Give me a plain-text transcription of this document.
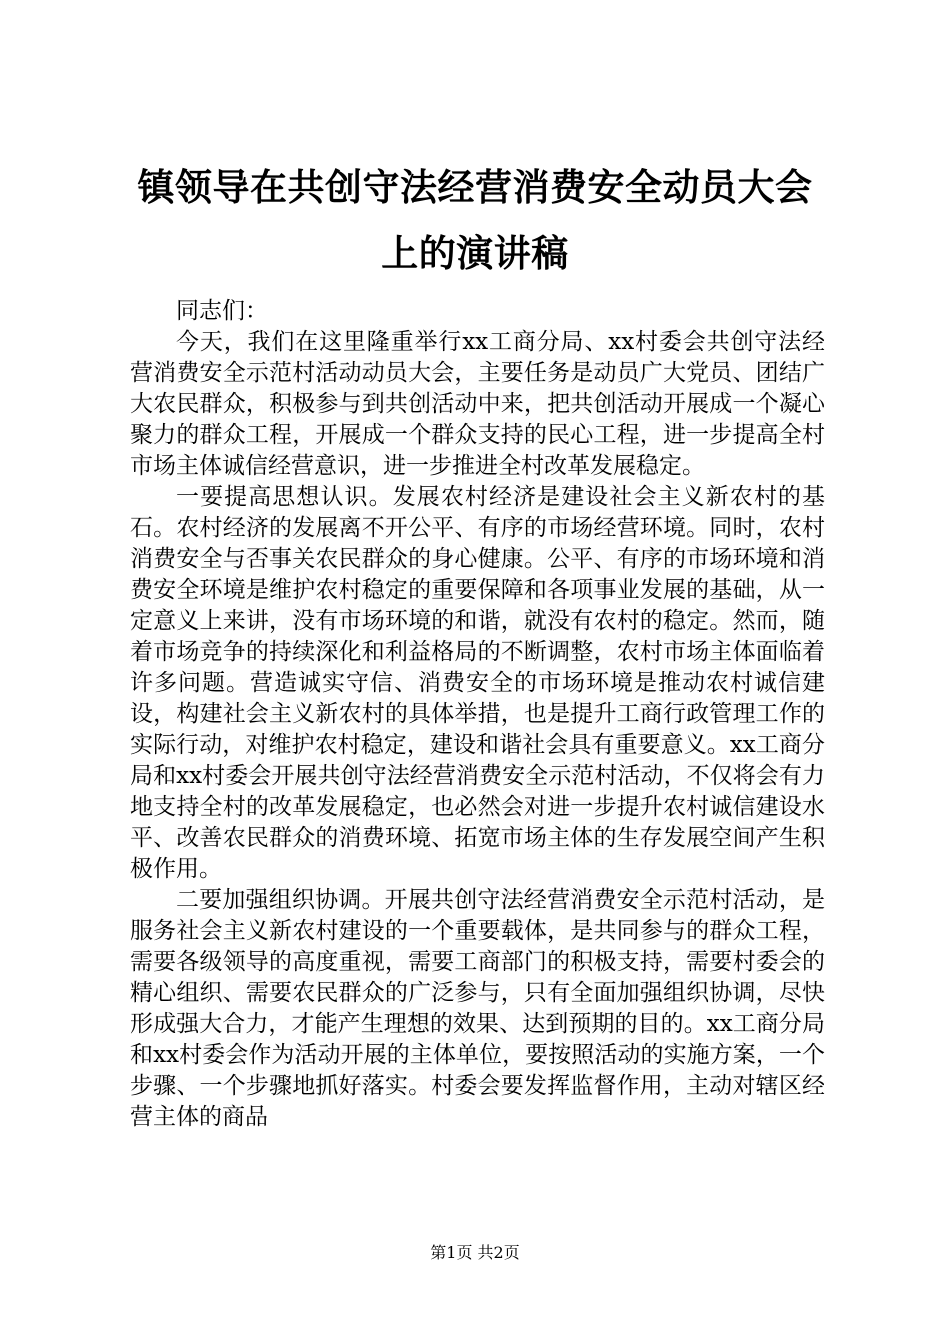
镇领导在共创守法经营消费安全动员大会上的演讲稿

同志们：

今天，我们在这里隆重举行xx工商分局、xx村委会共创守法经营消费安全示范村活动动员大会，主要任务是动员广大党员、团结广大农民群众，积极参与到共创活动中来，把共创活动开展成一个凝心聚力的群众工程，开展成一个群众支持的民心工程，进一步提高全村市场主体诚信经营意识，进一步推进全村改革发展稳定。

一要提高思想认识。发展农村经济是建设社会主义新农村的基石。农村经济的发展离不开公平、有序的市场经营环境。同时，农村消费安全与否事关农民群众的身心健康。公平、有序的市场环境和消费安全环境是维护农村稳定的重要保障和各项事业发展的基础，从一定意义上来讲，没有市场环境的和谐，就没有农村的稳定。然而，随着市场竞争的持续深化和利益格局的不断调整，农村市场主体面临着许多问题。营造诚实守信、消费安全的市场环境是推动农村诚信建设，构建社会主义新农村的具体举措，也是提升工商行政管理工作的实际行动，对维护农村稳定，建设和谐社会具有重要意义。xx工商分局和xx村委会开展共创守法经营消费安全示范村活动，不仅将会有力地支持全村的改革发展稳定，也必然会对进一步提升农村诚信建设水平、改善农民群众的消费环境、拓宽市场主体的生存发展空间产生积极作用。

二要加强组织协调。开展共创守法经营消费安全示范村活动，是服务社会主义新农村建设的一个重要载体，是共同参与的群众工程，需要各级领导的高度重视，需要工商部门的积极支持，需要村委会的精心组织、需要农民群众的广泛参与，只有全面加强组织协调，尽快形成强大合力，才能产生理想的效果、达到预期的目的。xx工商分局和xx村委会作为活动开展的主体单位，要按照活动的实施方案，一个步骤、一个步骤地抓好落实。村委会要发挥监督作用，主动对辖区经营主体的商品

第1页 共2页
